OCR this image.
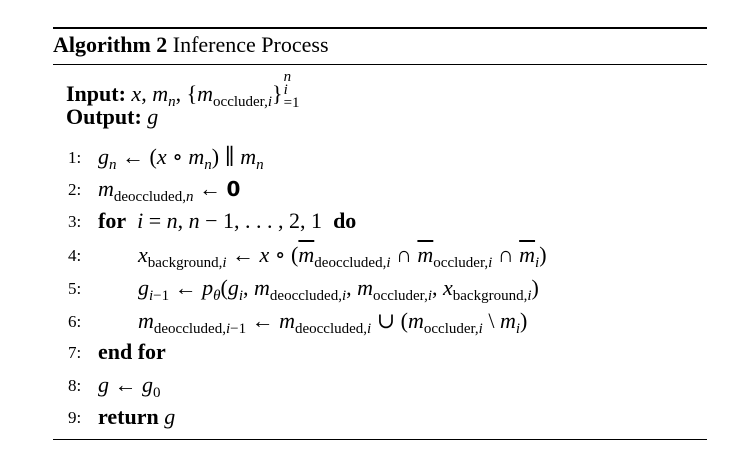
Algorithm 2 Inference Process
Input: x, $m_n$, $\{m_{occluder,i}\}$
n
i
=1
Output: g
1:
2:
3:
4:
5:
6:
7:
8:
9:
$g_n$ ← (x ∘ $m_n$) ∥ $m_n$
$m_{deoccluded,n}$ ← 0
for i = n, n − 1, . . . , 2, 1  do
$x_{background,i}$ ← x ∘ ($\overline{m}_{deoccluded,i}$ ∩ $\overline{m}_{occluder,i}$ ∩ $\overline{m}_i$)
$g_{i-1}$ ← $p_\theta(g_i$, $m_{deoccluded,i}$, $m_{occluder,i}$, $x_{background,i}$)
$m_{deoccluded,i-1}$ ← $m_{deoccluded,i}$ ∪ ($m_{occluder,i}$ \ $m_i$)
end for
g ← $g_0$
return g
